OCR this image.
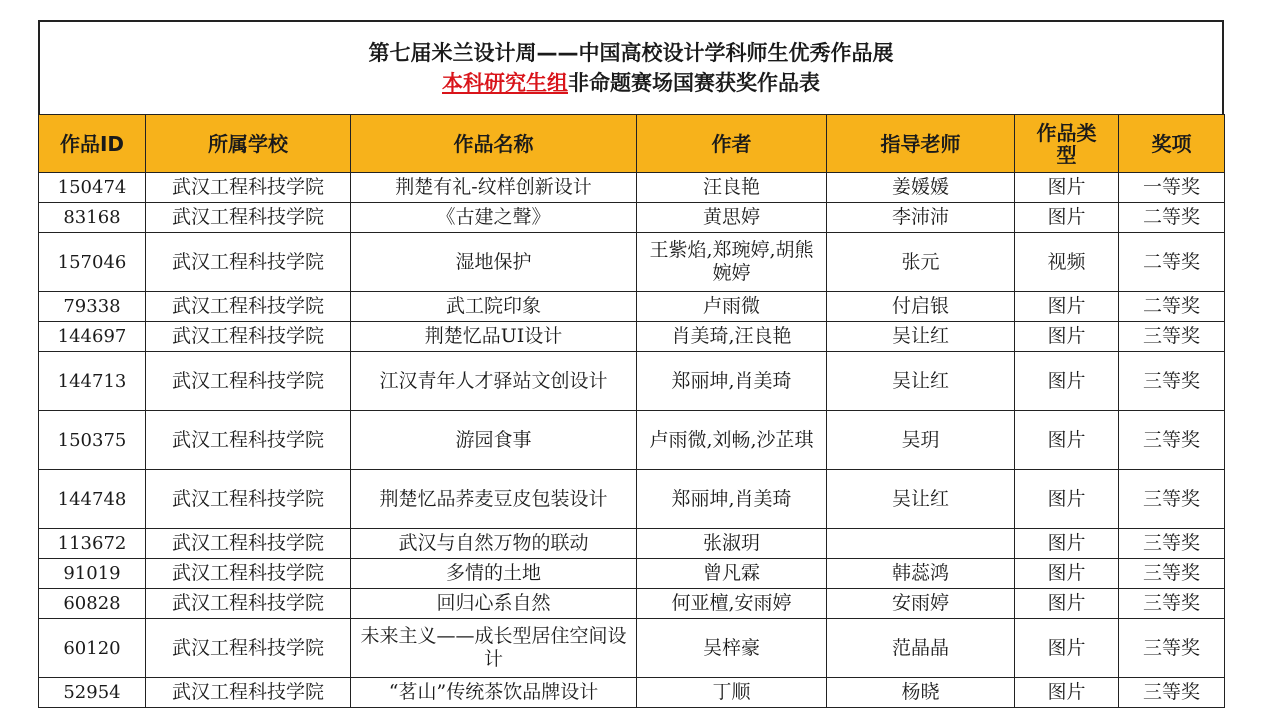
第七届米兰设计周——中国高校设计学科师生优秀作品展
本科研究生组非命题赛场国赛获奖作品表
作品ID	所属学校	作品名称	作者	指导老师	作品类型	奖项
150474	武汉工程科技学院	荆楚有礼-纹样创新设计	汪良艳	姜媛媛	图片	一等奖
83168	武汉工程科技学院	《古建之聲》	黄思婷	李沛沛	图片	二等奖
157046	武汉工程科技学院	湿地保护	王紫焰,郑琬婷,胡熊婉婷	张元	视频	二等奖
79338	武汉工程科技学院	武工院印象	卢雨微	付启银	图片	二等奖
144697	武汉工程科技学院	荆楚忆品UI设计	肖美琦,汪良艳	吴让红	图片	三等奖
144713	武汉工程科技学院	江汉青年人才驿站文创设计	郑丽坤,肖美琦	吴让红	图片	三等奖
150375	武汉工程科技学院	游园食事	卢雨微,刘畅,沙芷琪	吴玥	图片	三等奖
144748	武汉工程科技学院	荆楚忆品荞麦豆皮包装设计	郑丽坤,肖美琦	吴让红	图片	三等奖
113672	武汉工程科技学院	武汉与自然万物的联动	张淑玥		图片	三等奖
91019	武汉工程科技学院	多情的土地	曾凡霖	韩蕊鸿	图片	三等奖
60828	武汉工程科技学院	回归心系自然	何亚檀,安雨婷	安雨婷	图片	三等奖
60120	武汉工程科技学院	未来主义——成长型居住空间设计	吴梓豪	范晶晶	图片	三等奖
52954	武汉工程科技学院	“茗山”传统茶饮品牌设计	丁顺	杨晓	图片	三等奖
